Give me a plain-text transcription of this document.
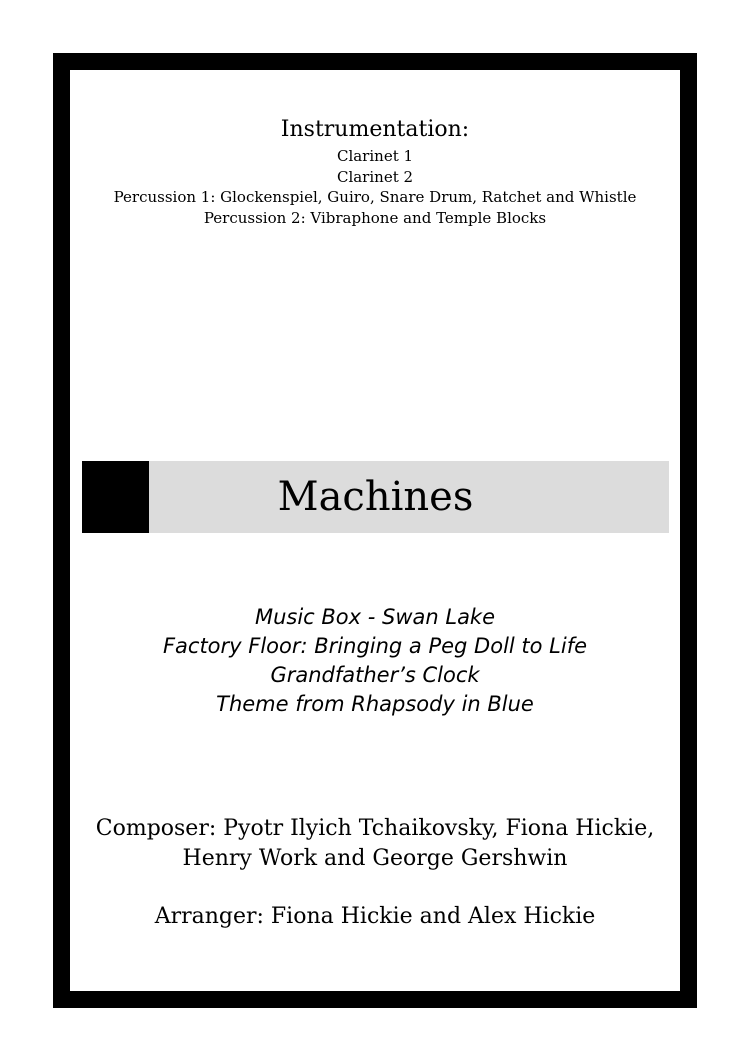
Instrumentation:
Clarinet 1
Clarinet 2
Percussion 1: Glockenspiel, Guiro, Snare Drum, Ratchet and Whistle
Percussion 2: Vibraphone and Temple Blocks
Machines
Music Box - Swan Lake
Factory Floor: Bringing a Peg Doll to Life
Grandfather’s Clock
Theme from Rhapsody in Blue
Composer: Pyotr Ilyich Tchaikovsky, Fiona Hickie,
Henry Work and George Gershwin
Arranger: Fiona Hickie and Alex Hickie
